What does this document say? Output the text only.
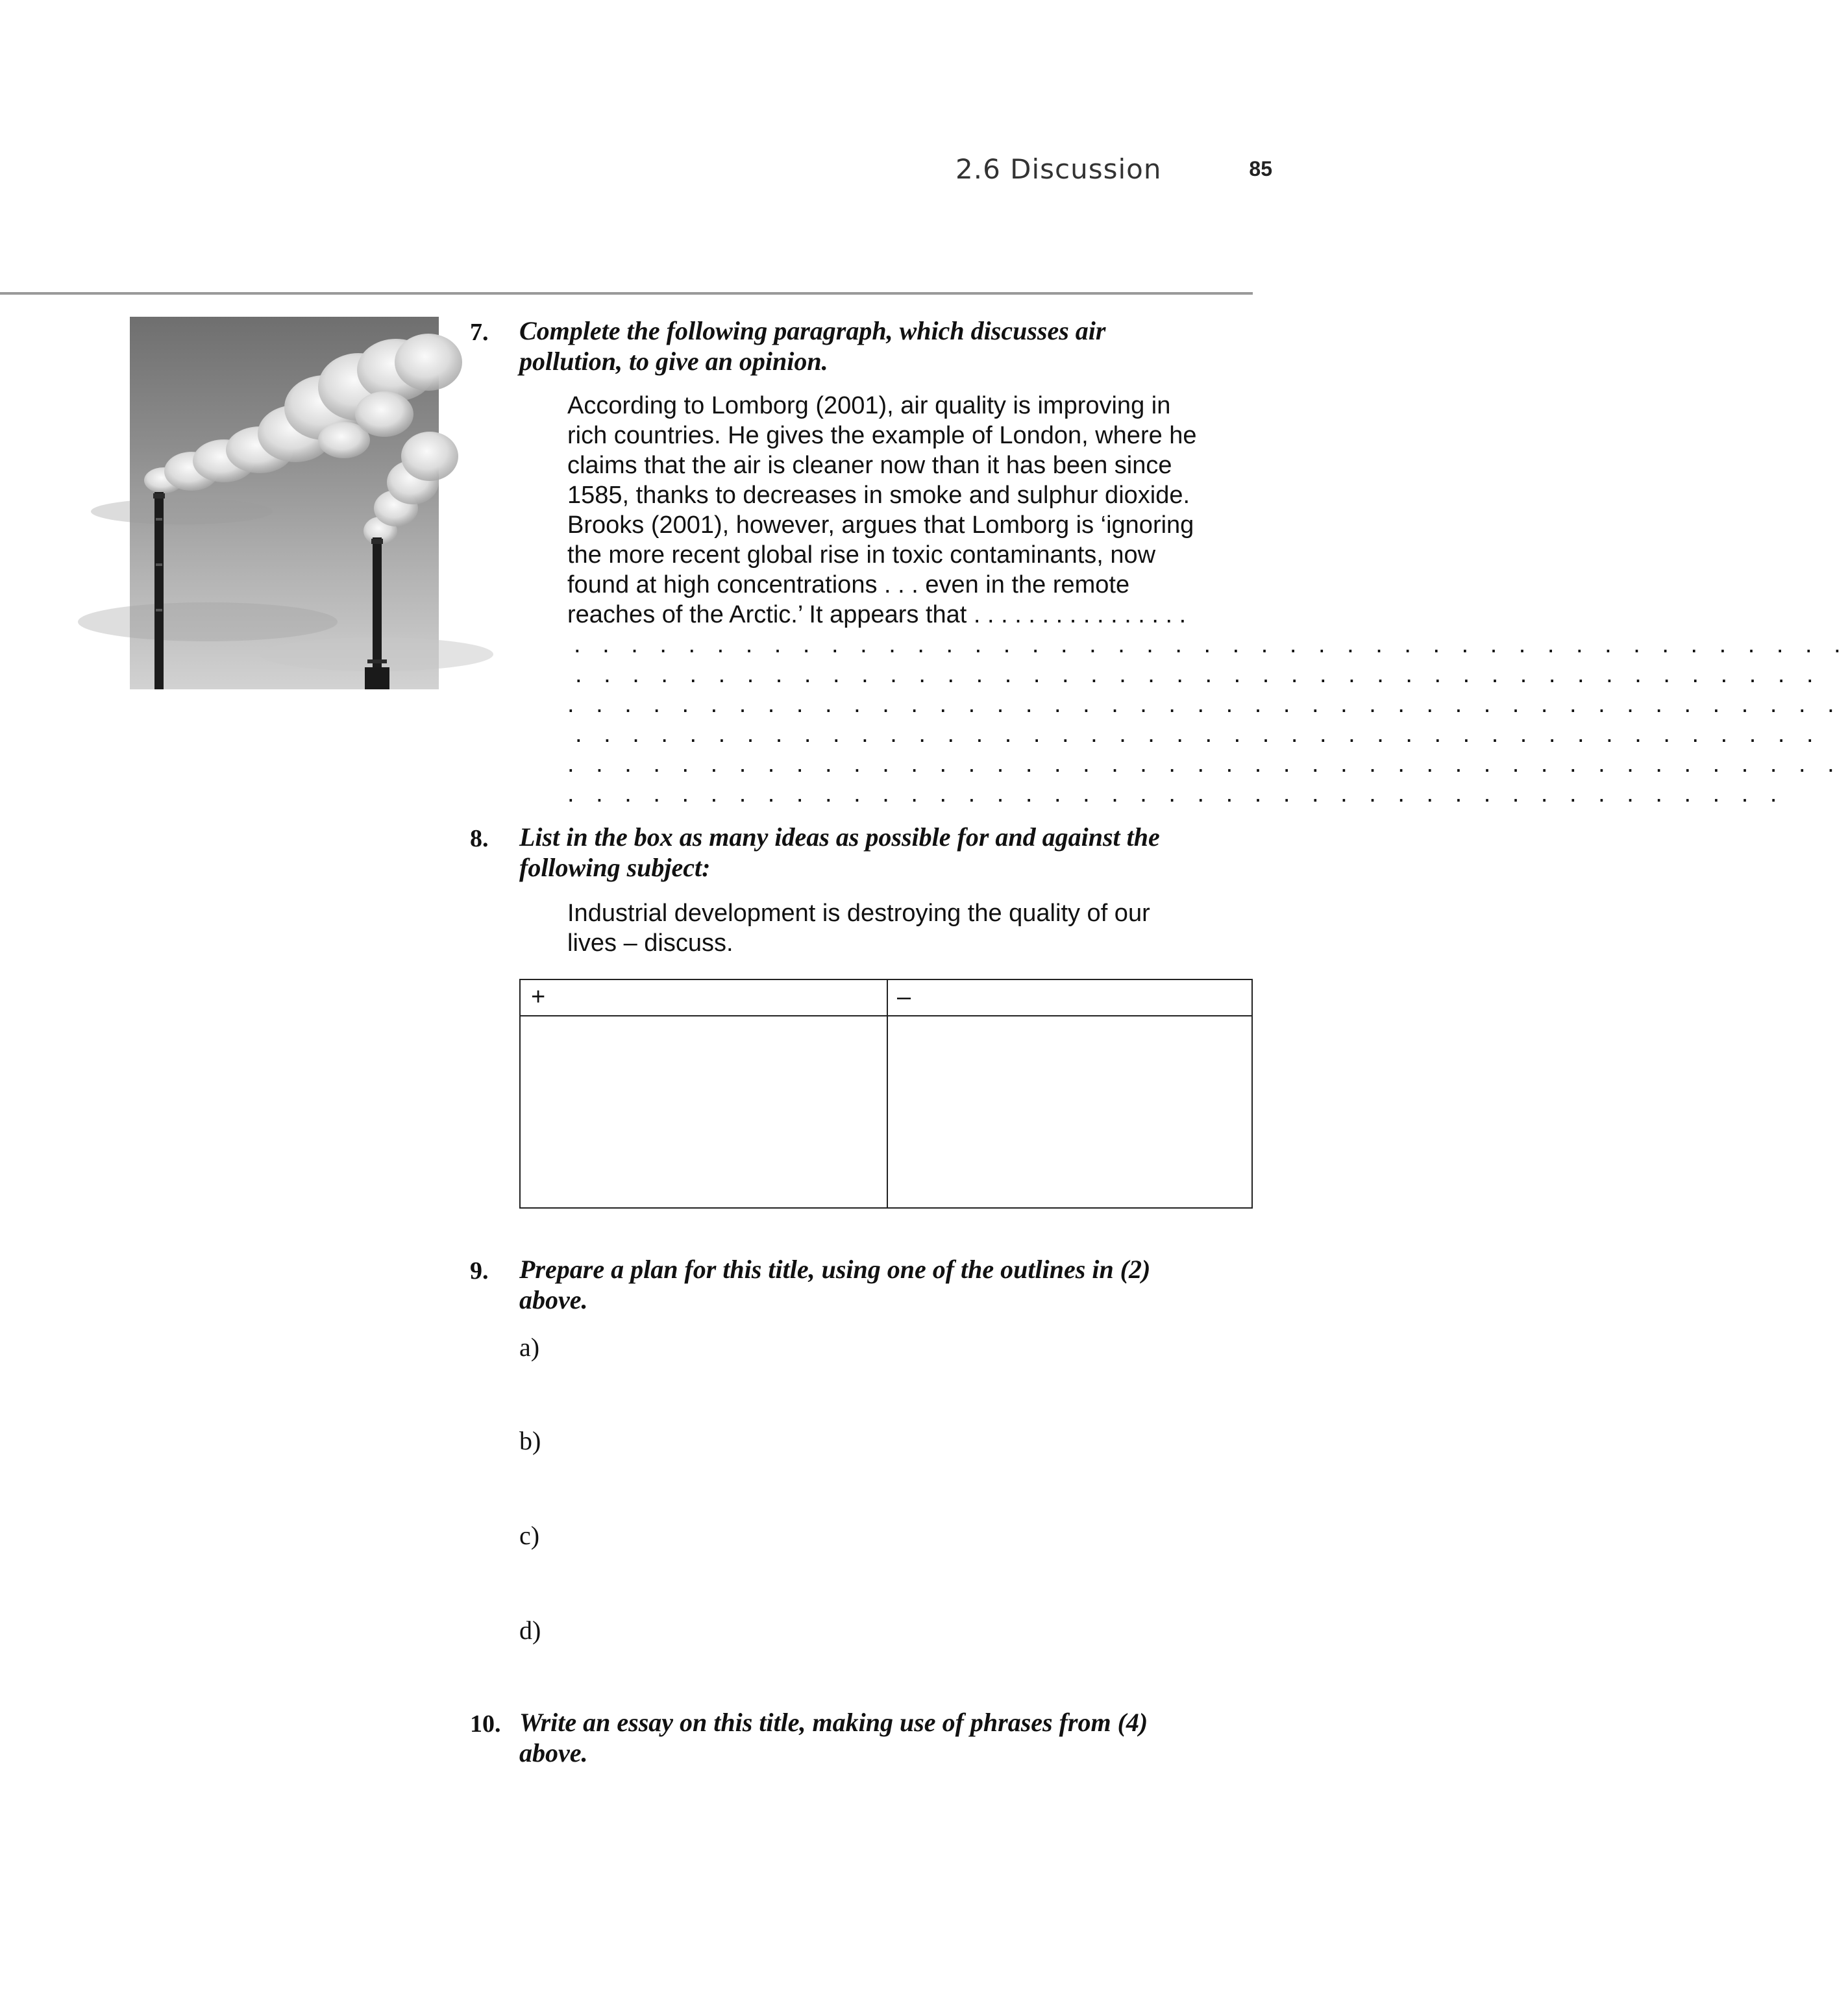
2.6 Discussion	85
7.	Complete the following paragraph, which discusses air
pollution, to give an opinion.
According to Lomborg (2001), air quality is improving in
rich countries. He gives the example of London, where he
claims that the air is cleaner now than it has been since
1585, thanks to decreases in smoke and sulphur dioxide.
Brooks (2001), however, argues that Lomborg is ‘ignoring
the more recent global rise in toxic contaminants, now
found at high concentrations . . . even in the remote
reaches of the Arctic.’ It appears that . . . . . . . . . . . . . . . .
. . . . . . . . . . . . . . . . . . . . . . . . . . . . . . . . . . . . . . . . . . . . .
. . . . . . . . . . . . . . . . . . . . . . . . . . . . . . . . . . . . . . . . . . . .
. . . . . . . . . . . . . . . . . . . . . . . . . . . . . . . . . . . . . . . . . . . . .
. . . . . . . . . . . . . . . . . . . . . . . . . . . . . . . . . . . . . . . . . . . .
. . . . . . . . . . . . . . . . . . . . . . . . . . . . . . . . . . . . . . . . . . . . .
. . . . . . . . . . . . . . . . . . . . . . . . . . . . . . . . . . . . . . . . . . .
8.	List in the box as many ideas as possible for and against the
following subject:
Industrial development is destroying the quality of our
lives – discuss.
+	–
9.	Prepare a plan for this title, using one of the outlines in (2)
above.
a)
b)
c)
d)
10. Write an essay on this title, making use of phrases from (4)
above.
